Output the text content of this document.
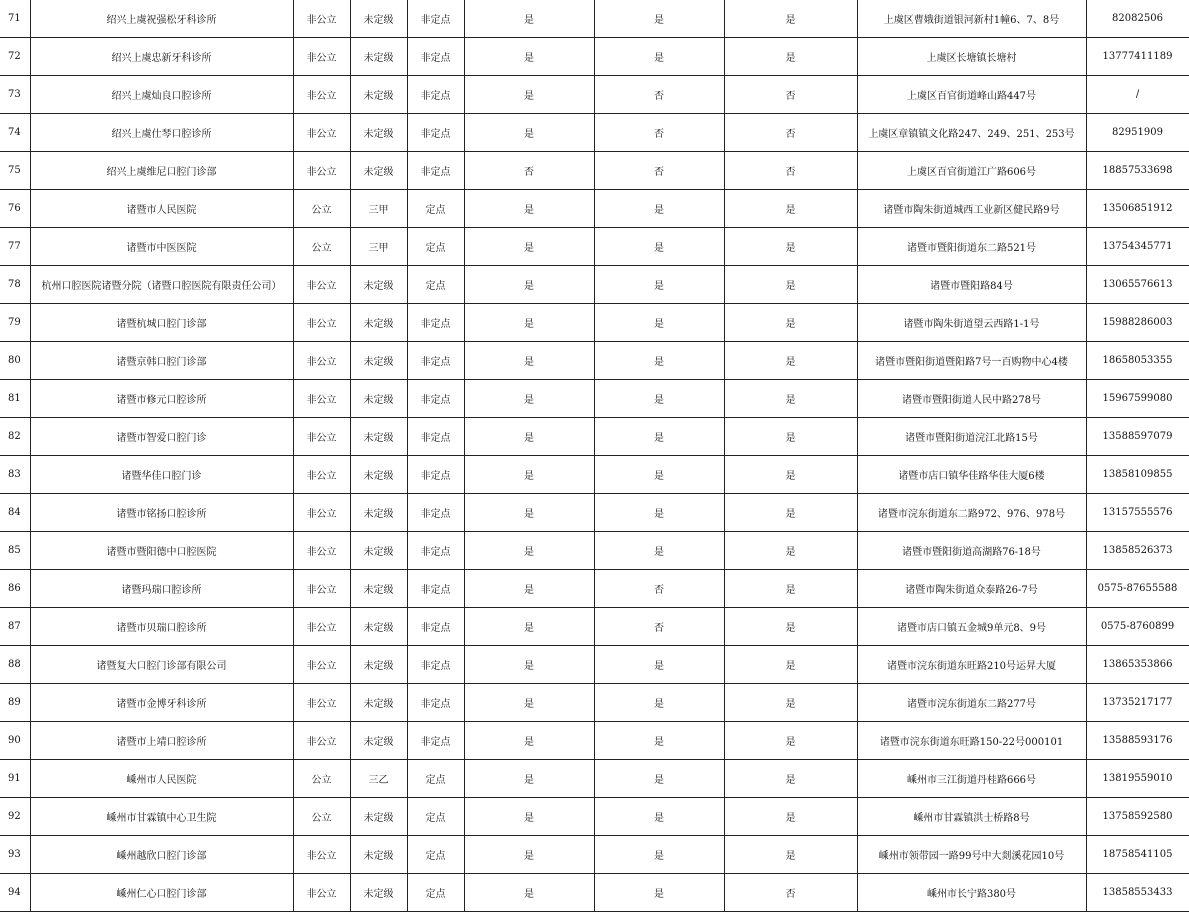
71	绍兴上虞祝强松牙科诊所	非公立	未定级	非定点	是	是	是	上虞区曹娥街道银河新村1幢6、7、8号	82082506
72	绍兴上虞忠新牙科诊所	非公立	未定级	非定点	是	是	是	上虞区长塘镇长塘村	13777411189
73	绍兴上虞灿良口腔诊所	非公立	未定级	非定点	是	否	否	上虞区百官街道峰山路447号	/
74	绍兴上虞仕琴口腔诊所	非公立	未定级	非定点	是	否	否	上虞区章镇镇文化路247、249、251、253号	82951909
75	绍兴上虞维尼口腔门诊部	非公立	未定级	非定点	否	否	否	上虞区百官街道江广路606号	18857533698
76	诸暨市人民医院	公立	三甲	定点	是	是	是	诸暨市陶朱街道城西工业新区健民路9号	13506851912
77	诸暨市中医医院	公立	三甲	定点	是	是	是	诸暨市暨阳街道东二路521号	13754345771
78	杭州口腔医院诸暨分院（诸暨口腔医院有限责任公司）	非公立	未定级	定点	是	是	是	诸暨市暨阳路84号	13065576613
79	诸暨杭城口腔门诊部	非公立	未定级	非定点	是	是	是	诸暨市陶朱街道望云西路1-1号	15988286003
80	诸暨京韩口腔门诊部	非公立	未定级	非定点	是	是	是	诸暨市暨阳街道暨阳路7号一百购物中心4楼	18658053355
81	诸暨市修元口腔诊所	非公立	未定级	非定点	是	是	是	诸暨市暨阳街道人民中路278号	15967599080
82	诸暨市智爱口腔门诊	非公立	未定级	非定点	是	是	是	诸暨市暨阳街道浣江北路15号	13588597079
83	诸暨华佳口腔门诊	非公立	未定级	非定点	是	是	是	诸暨市店口镇华佳路华佳大厦6楼	13858109855
84	诸暨市铭扬口腔诊所	非公立	未定级	非定点	是	是	是	诸暨市浣东街道东二路972、976、978号	13157555576
85	诸暨市暨阳德中口腔医院	非公立	未定级	非定点	是	是	是	诸暨市暨阳街道高湖路76-18号	13858526373
86	诸暨玛瑞口腔诊所	非公立	未定级	非定点	是	否	是	诸暨市陶朱街道众泰路26-7号	0575-87655588
87	诸暨市贝瑞口腔诊所	非公立	未定级	非定点	是	否	是	诸暨市店口镇五金城9单元8、9号	0575-8760899
88	诸暨复大口腔门诊部有限公司	非公立	未定级	非定点	是	是	是	诸暨市浣东街道东旺路210号运昇大厦	13865353866
89	诸暨市金博牙科诊所	非公立	未定级	非定点	是	是	是	诸暨市浣东街道东二路277号	13735217177
90	诸暨市上靖口腔诊所	非公立	未定级	非定点	是	是	是	诸暨市浣东街道东旺路150-22号000101	13588593176
91	嵊州市人民医院	公立	三乙	定点	是	是	是	嵊州市三江街道丹桂路666号	13819559010
92	嵊州市甘霖镇中心卫生院	公立	未定级	定点	是	是	是	嵊州市甘霖镇洪士桥路8号	13758592580
93	嵊州越欣口腔门诊部	非公立	未定级	定点	是	是	是	嵊州市领带园一路99号中大剡溪花园10号	18758541105
94	嵊州仁心口腔门诊部	非公立	未定级	定点	是	是	否	嵊州市长宁路380号	13858553433
